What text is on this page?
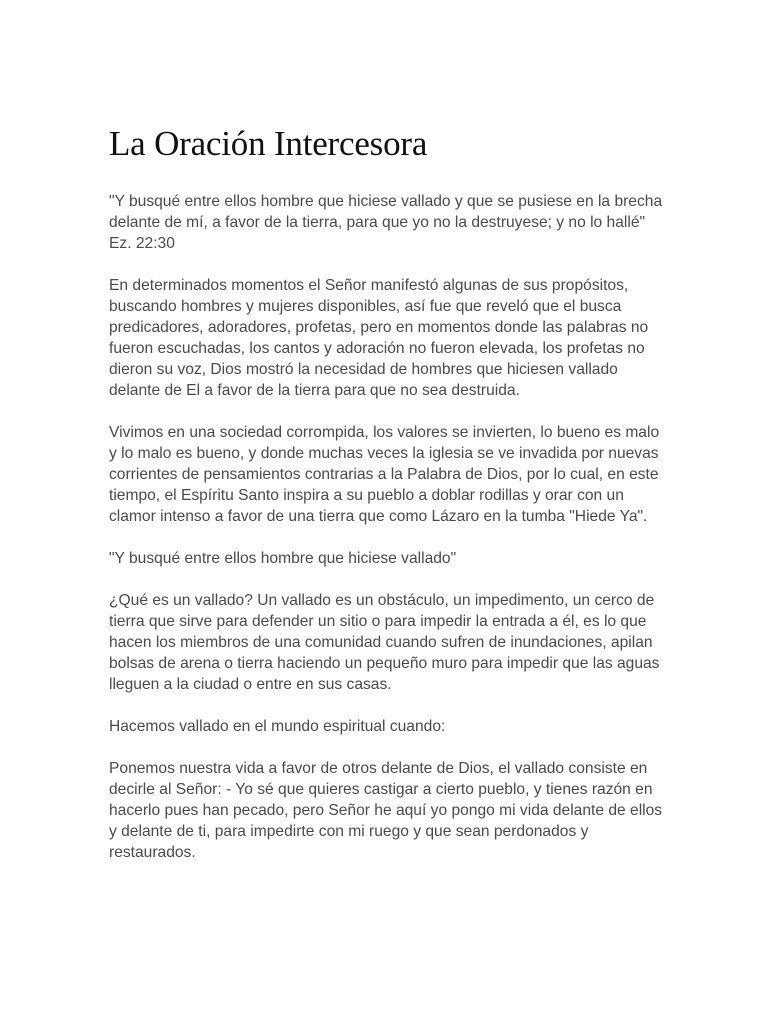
La Oración Intercesora

"Y busqué entre ellos hombre que hiciese vallado y que se pusiese en la brecha delante de mí, a favor de la tierra, para que yo no la destruyese; y no lo hallé" Ez. 22:30

En determinados momentos el Señor manifestó algunas de sus propósitos, buscando hombres y mujeres disponibles, así fue que reveló que el busca predicadores, adoradores, profetas, pero en momentos donde las palabras no fueron escuchadas, los cantos y adoración no fueron elevada, los profetas no dieron su voz, Dios mostró la necesidad de hombres que hiciesen vallado delante de El a favor de la tierra para que no sea destruida.

Vivimos en una sociedad corrompida, los valores se invierten, lo bueno es malo y lo malo es bueno, y donde muchas veces la iglesia se ve invadida por nuevas corrientes de pensamientos contrarias a la Palabra de Dios, por lo cual, en este tiempo, el Espíritu Santo inspira a su pueblo a doblar rodillas y orar con un clamor intenso a favor de una tierra que como Lázaro en la tumba "Hiede Ya".

"Y busqué entre ellos hombre que hiciese vallado"

¿Qué es un vallado? Un vallado es un obstáculo, un impedimento, un cerco de tierra que sirve para defender un sitio o para impedir la entrada a él, es lo que hacen los miembros de una comunidad cuando sufren de inundaciones, apilan bolsas de arena o tierra haciendo un pequeño muro para impedir que las aguas lleguen a la ciudad o entre en sus casas.

Hacemos vallado en el mundo espiritual cuando:

Ponemos nuestra vida a favor de otros delante de Dios, el vallado consiste en decirle al Señor: - Yo sé que quieres castigar a cierto pueblo, y tienes razón en hacerlo pues han pecado, pero Señor he aquí yo pongo mi vida delante de ellos y delante de ti, para impedirte con mi ruego y que sean perdonados y restaurados.
